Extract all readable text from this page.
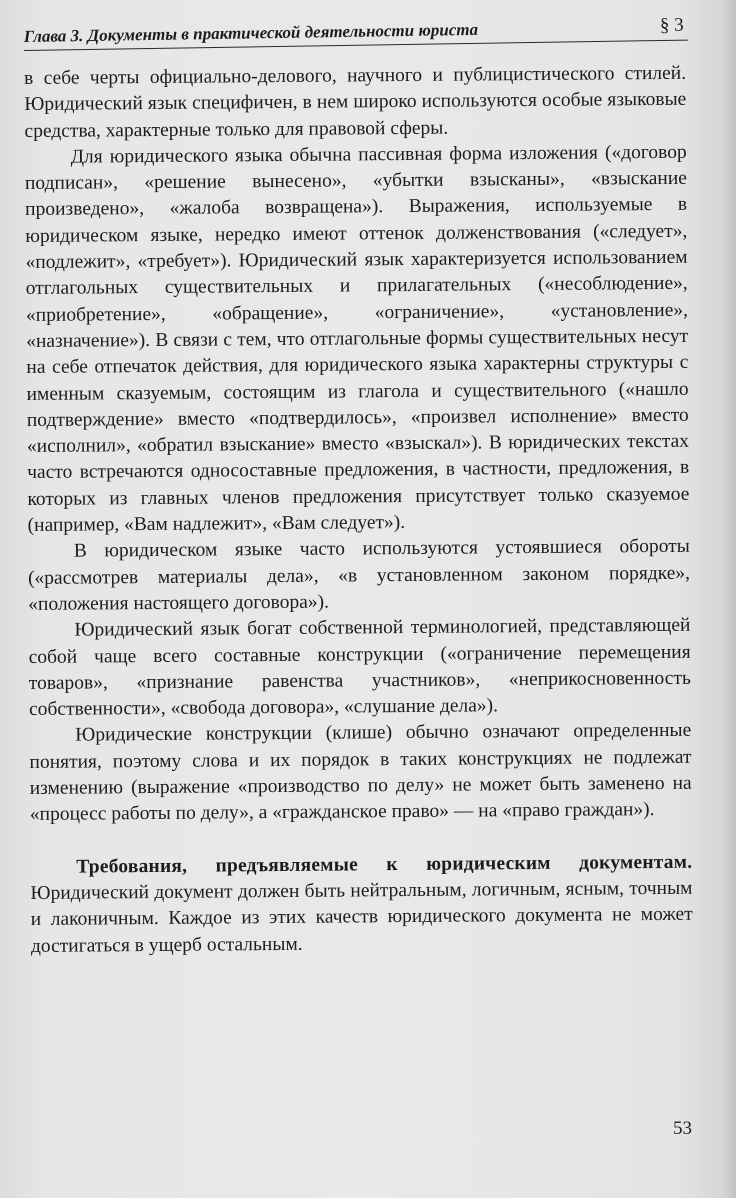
Глава 3. Документы в практической деятельности юриста	§ 3

в себе черты официально-делового, научного и публицистического стилей. Юридический язык специфичен, в нем широко используются особые языковые средства, характерные только для правовой сферы.

Для юридического языка обычна пассивная форма изложения («договор подписан», «решение вынесено», «убытки взысканы», «взыскание произведено», «жалоба возвращена»). Выражения, используемые в юридическом языке, нередко имеют оттенок долженствования («следует», «подлежит», «требует»). Юридический язык характеризуется использованием отглагольных существительных и прилагательных («несоблюдение», «приобретение», «обращение», «ограничение», «установление», «назначение»). В связи с тем, что отглагольные формы существительных несут на себе отпечаток действия, для юридического языка характерны структуры с именным сказуемым, состоящим из глагола и существительного («нашло подтверждение» вместо «подтвердилось», «произвел исполнение» вместо «исполнил», «обратил взыскание» вместо «взыскал»). В юридических текстах часто встречаются односоставные предложения, в частности, предложения, в которых из главных членов предложения присутствует только сказуемое (например, «Вам надлежит», «Вам следует»).

В юридическом языке часто используются устоявшиеся обороты («рассмотрев материалы дела», «в установленном законом порядке», «положения настоящего договора»).

Юридический язык богат собственной терминологией, представляющей собой чаще всего составные конструкции («ограничение перемещения товаров», «признание равенства участников», «неприкосновенность собственности», «свобода договора», «слушание дела»).

Юридические конструкции (клише) обычно означают определенные понятия, поэтому слова и их порядок в таких конструкциях не подлежат изменению (выражение «производство по делу» не может быть заменено на «процесс работы по делу», а «гражданское право» — на «право граждан»).

Требования, предъявляемые к юридическим документам. Юридический документ должен быть нейтральным, логичным, ясным, точным и лаконичным. Каждое из этих качеств юридического документа не может достигаться в ущерб остальным.

53
